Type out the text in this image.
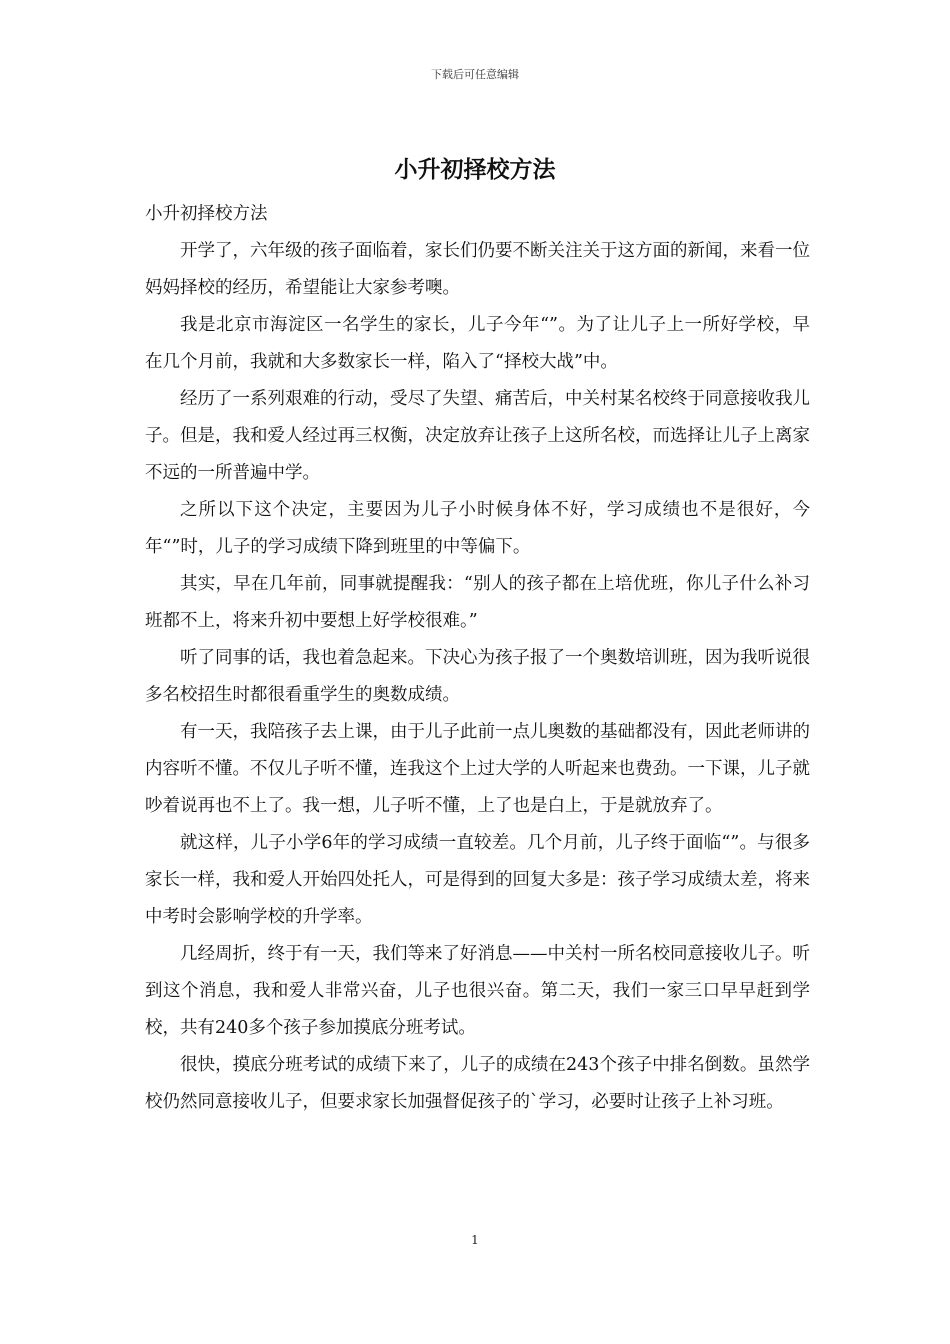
下载后可任意编辑
小升初择校方法

小升初择校方法

开学了，六年级的孩子面临着，家长们仍要不断关注关于这方面的新闻，来看一位妈妈择校的经历，希望能让大家参考噢。

我是北京市海淀区一名学生的家长，儿子今年“”。为了让儿子上一所好学校，早在几个月前，我就和大多数家长一样，陷入了“择校大战”中。

经历了一系列艰难的行动，受尽了失望、痛苦后，中关村某名校终于同意接收我儿子。但是，我和爱人经过再三权衡，决定放弃让孩子上这所名校，而选择让儿子上离家不远的一所普遍中学。

之所以下这个决定，主要因为儿子小时候身体不好，学习成绩也不是很好，今年“”时，儿子的学习成绩下降到班里的中等偏下。

其实，早在几年前，同事就提醒我：“别人的孩子都在上培优班，你儿子什么补习班都不上，将来升初中要想上好学校很难。”

听了同事的话，我也着急起来。下决心为孩子报了一个奥数培训班，因为我听说很多名校招生时都很看重学生的奥数成绩。

有一天，我陪孩子去上课，由于儿子此前一点儿奥数的基础都没有，因此老师讲的内容听不懂。不仅儿子听不懂，连我这个上过大学的人听起来也费劲。一下课，儿子就吵着说再也不上了。我一想，儿子听不懂，上了也是白上，于是就放弃了。

就这样，儿子小学6年的学习成绩一直较差。几个月前，儿子终于面临“”。与很多家长一样，我和爱人开始四处托人，可是得到的回复大多是：孩子学习成绩太差，将来中考时会影响学校的升学率。

几经周折，终于有一天，我们等来了好消息——中关村一所名校同意接收儿子。听到这个消息，我和爱人非常兴奋，儿子也很兴奋。第二天，我们一家三口早早赶到学校，共有240多个孩子参加摸底分班考试。

很快，摸底分班考试的成绩下来了，儿子的成绩在243个孩子中排名倒数。虽然学校仍然同意接收儿子，但要求家长加强督促孩子的`学习，必要时让孩子上补习班。

1
